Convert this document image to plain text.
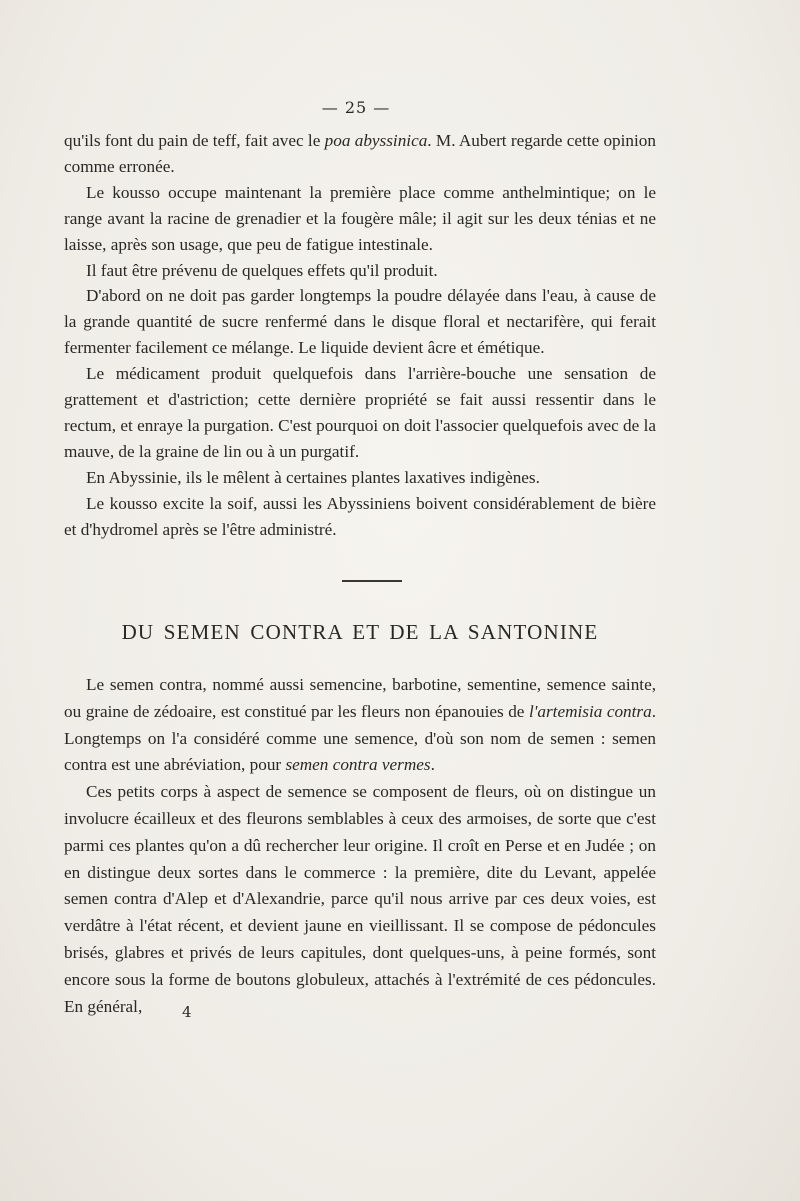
— 25 —

qu'ils font du pain de teff, fait avec le poa abyssinica. M. Aubert regarde cette opinion comme erronée.

Le kousso occupe maintenant la première place comme anthelmintique; on le range avant la racine de grenadier et la fougère mâle; il agit sur les deux ténias et ne laisse, après son usage, que peu de fatigue intestinale.

Il faut être prévenu de quelques effets qu'il produit.

D'abord on ne doit pas garder longtemps la poudre délayée dans l'eau, à cause de la grande quantité de sucre renfermé dans le disque floral et nectarifère, qui ferait fermenter facilement ce mélange. Le liquide devient âcre et émétique.

Le médicament produit quelquefois dans l'arrière-bouche une sensation de grattement et d'astriction; cette dernière propriété se fait aussi ressentir dans le rectum, et enraye la purgation. C'est pourquoi on doit l'associer quelquefois avec de la mauve, de la graine de lin ou à un purgatif.

En Abyssinie, ils le mêlent à certaines plantes laxatives indigènes.

Le kousso excite la soif, aussi les Abyssiniens boivent considérablement de bière et d'hydromel après se l'être administré.

DU SEMEN CONTRA ET DE LA SANTONINE

Le semen contra, nommé aussi semencine, barbotine, sementine, semence sainte, ou graine de zédoaire, est constitué par les fleurs non épanouies de l'artemisia contra. Longtemps on l'a considéré comme une semence, d'où son nom de semen : semen contra est une abréviation, pour semen contra vermes.

Ces petits corps à aspect de semence se composent de fleurs, où on distingue un involucre écailleux et des fleurons semblables à ceux des armoises, de sorte que c'est parmi ces plantes qu'on a dû rechercher leur origine. Il croît en Perse et en Judée ; on en distingue deux sortes dans le commerce : la première, dite du Levant, appelée semen contra d'Alep et d'Alexandrie, parce qu'il nous arrive par ces deux voies, est verdâtre à l'état récent, et devient jaune en vieillissant. Il se compose de pédoncules brisés, glabres et privés de leurs capitules, dont quelques-uns, à peine formés, sont encore sous la forme de boutons globuleux, attachés à l'extrémité de ces pédoncules. En général,	4
